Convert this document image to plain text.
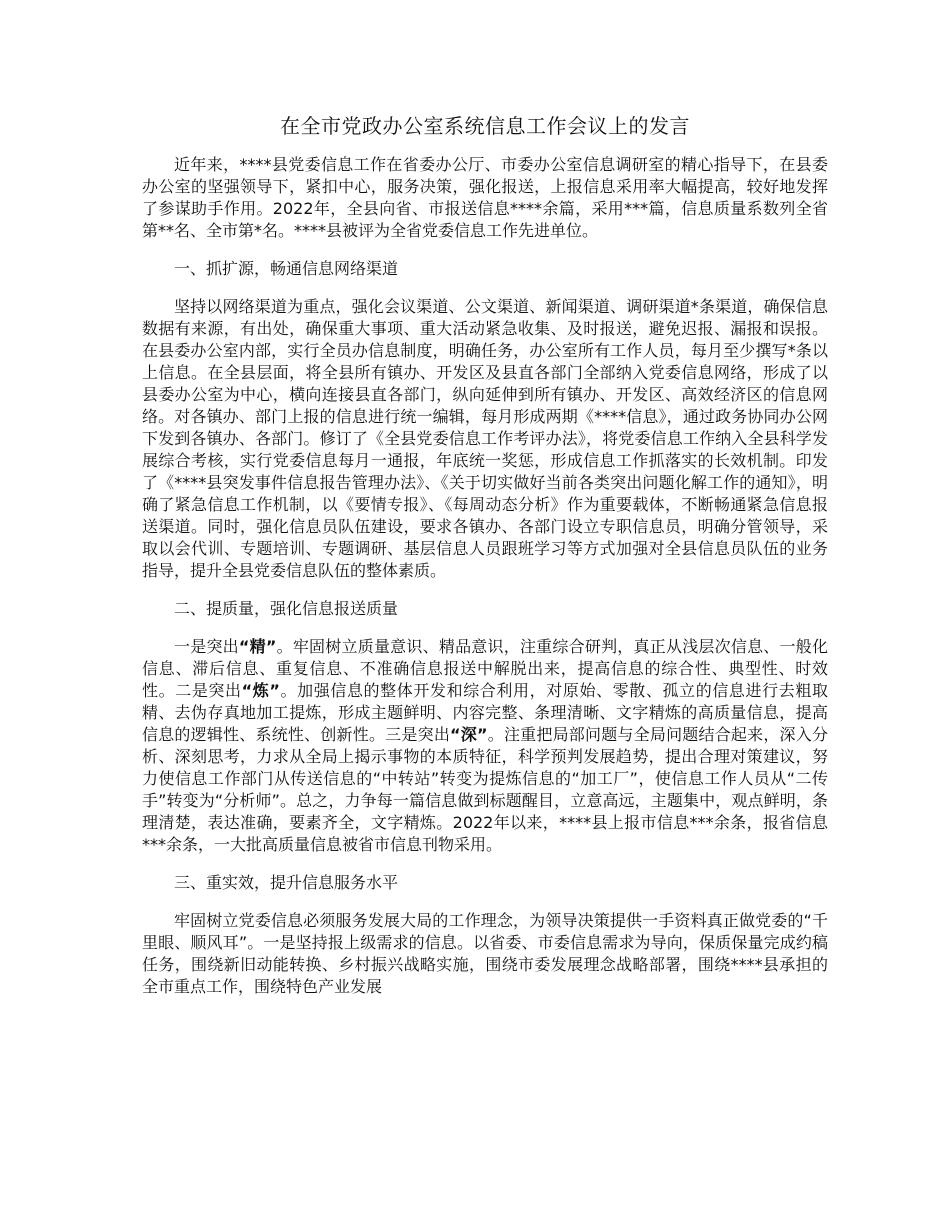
在全市党政办公室系统信息工作会议上的发言

近年来，****县党委信息工作在省委办公厅、市委办公室信息调研室的精心指导下，在县委办公室的坚强领导下，紧扣中心，服务决策，强化报送，上报信息采用率大幅提高，较好地发挥了参谋助手作用。2022年，全县向省、市报送信息****余篇，采用***篇，信息质量系数列全省第**名、全市第*名。****县被评为全省党委信息工作先进单位。

一、抓扩源，畅通信息网络渠道

坚持以网络渠道为重点，强化会议渠道、公文渠道、新闻渠道、调研渠道*条渠道，确保信息数据有来源，有出处，确保重大事项、重大活动紧急收集、及时报送，避免迟报、漏报和误报。在县委办公室内部，实行全员办信息制度，明确任务，办公室所有工作人员，每月至少撰写*条以上信息。在全县层面，将全县所有镇办、开发区及县直各部门全部纳入党委信息网络，形成了以县委办公室为中心，横向连接县直各部门，纵向延伸到所有镇办、开发区、高效经济区的信息网络。对各镇办、部门上报的信息进行统一编辑，每月形成两期《****信息》，通过政务协同办公网下发到各镇办、各部门。修订了《全县党委信息工作考评办法》，将党委信息工作纳入全县科学发展综合考核，实行党委信息每月一通报，年底统一奖惩，形成信息工作抓落实的长效机制。印发了《****县突发事件信息报告管理办法》、《关于切实做好当前各类突出问题化解工作的通知》，明确了紧急信息工作机制，以《要情专报》、《每周动态分析》作为重要载体，不断畅通紧急信息报送渠道。同时，强化信息员队伍建设，要求各镇办、各部门设立专职信息员，明确分管领导，采取以会代训、专题培训、专题调研、基层信息人员跟班学习等方式加强对全县信息员队伍的业务指导，提升全县党委信息队伍的整体素质。

二、提质量，强化信息报送质量

一是突出“精”。牢固树立质量意识、精品意识，注重综合研判，真正从浅层次信息、一般化信息、滞后信息、重复信息、不准确信息报送中解脱出来，提高信息的综合性、典型性、时效性。二是突出“炼”。加强信息的整体开发和综合利用，对原始、零散、孤立的信息进行去粗取精、去伪存真地加工提炼，形成主题鲜明、内容完整、条理清晰、文字精炼的高质量信息，提高信息的逻辑性、系统性、创新性。三是突出“深”。注重把局部问题与全局问题结合起来，深入分析、深刻思考，力求从全局上揭示事物的本质特征，科学预判发展趋势，提出合理对策建议，努力使信息工作部门从传送信息的“中转站”转变为提炼信息的“加工厂”，使信息工作人员从“二传手”转变为“分析师”。总之，力争每一篇信息做到标题醒目，立意高远，主题集中，观点鲜明，条理清楚，表达准确，要素齐全，文字精炼。2022年以来，****县上报市信息***余条，报省信息***余条，一大批高质量信息被省市信息刊物采用。

三、重实效，提升信息服务水平

牢固树立党委信息必须服务发展大局的工作理念，为领导决策提供一手资料真正做党委的“千里眼、顺风耳”。一是坚持报上级需求的信息。以省委、市委信息需求为导向，保质保量完成约稿任务，围绕新旧动能转换、乡村振兴战略实施，围绕市委发展理念战略部署，围绕****县承担的全市重点工作，围绕特色产业发展
